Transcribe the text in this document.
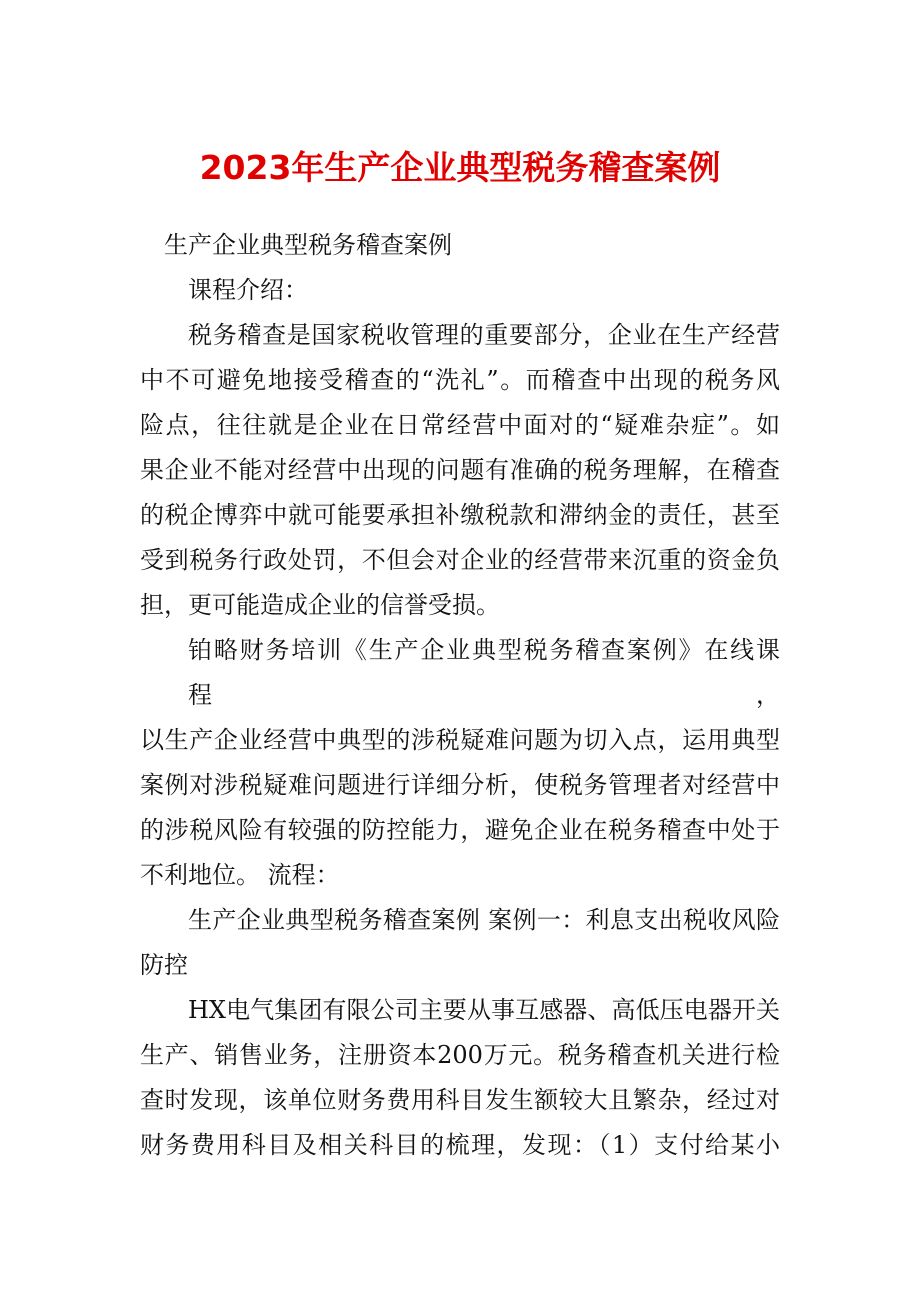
2023年生产企业典型税务稽查案例

生产企业典型税务稽查案例

课程介绍：

税务稽查是国家税收管理的重要部分，企业在生产经营

中不可避免地接受稽查的“洗礼”。而稽查中出现的税务风

险点，往往就是企业在日常经营中面对的“疑难杂症”。如

果企业不能对经营中出现的问题有准确的税务理解，在稽查

的税企博弈中就可能要承担补缴税款和滞纳金的责任，甚至

受到税务行政处罚，不但会对企业的经营带来沉重的资金负

担，更可能造成企业的信誉受损。

铂略财务培训《生产企业典型税务稽查案例》在线课程，

以生产企业经营中典型的涉税疑难问题为切入点，运用典型

案例对涉税疑难问题进行详细分析，使税务管理者对经营中

的涉税风险有较强的防控能力，避免企业在税务稽查中处于

不利地位。 流程：

生产企业典型税务稽查案例 案例一：利息支出税收风险

防控

HX电气集团有限公司主要从事互感器、高低压电器开关

生产、销售业务，注册资本200万元。税务稽查机关进行检

查时发现，该单位财务费用科目发生额较大且繁杂，经过对

财务费用科目及相关科目的梳理，发现：（1）支付给某小
